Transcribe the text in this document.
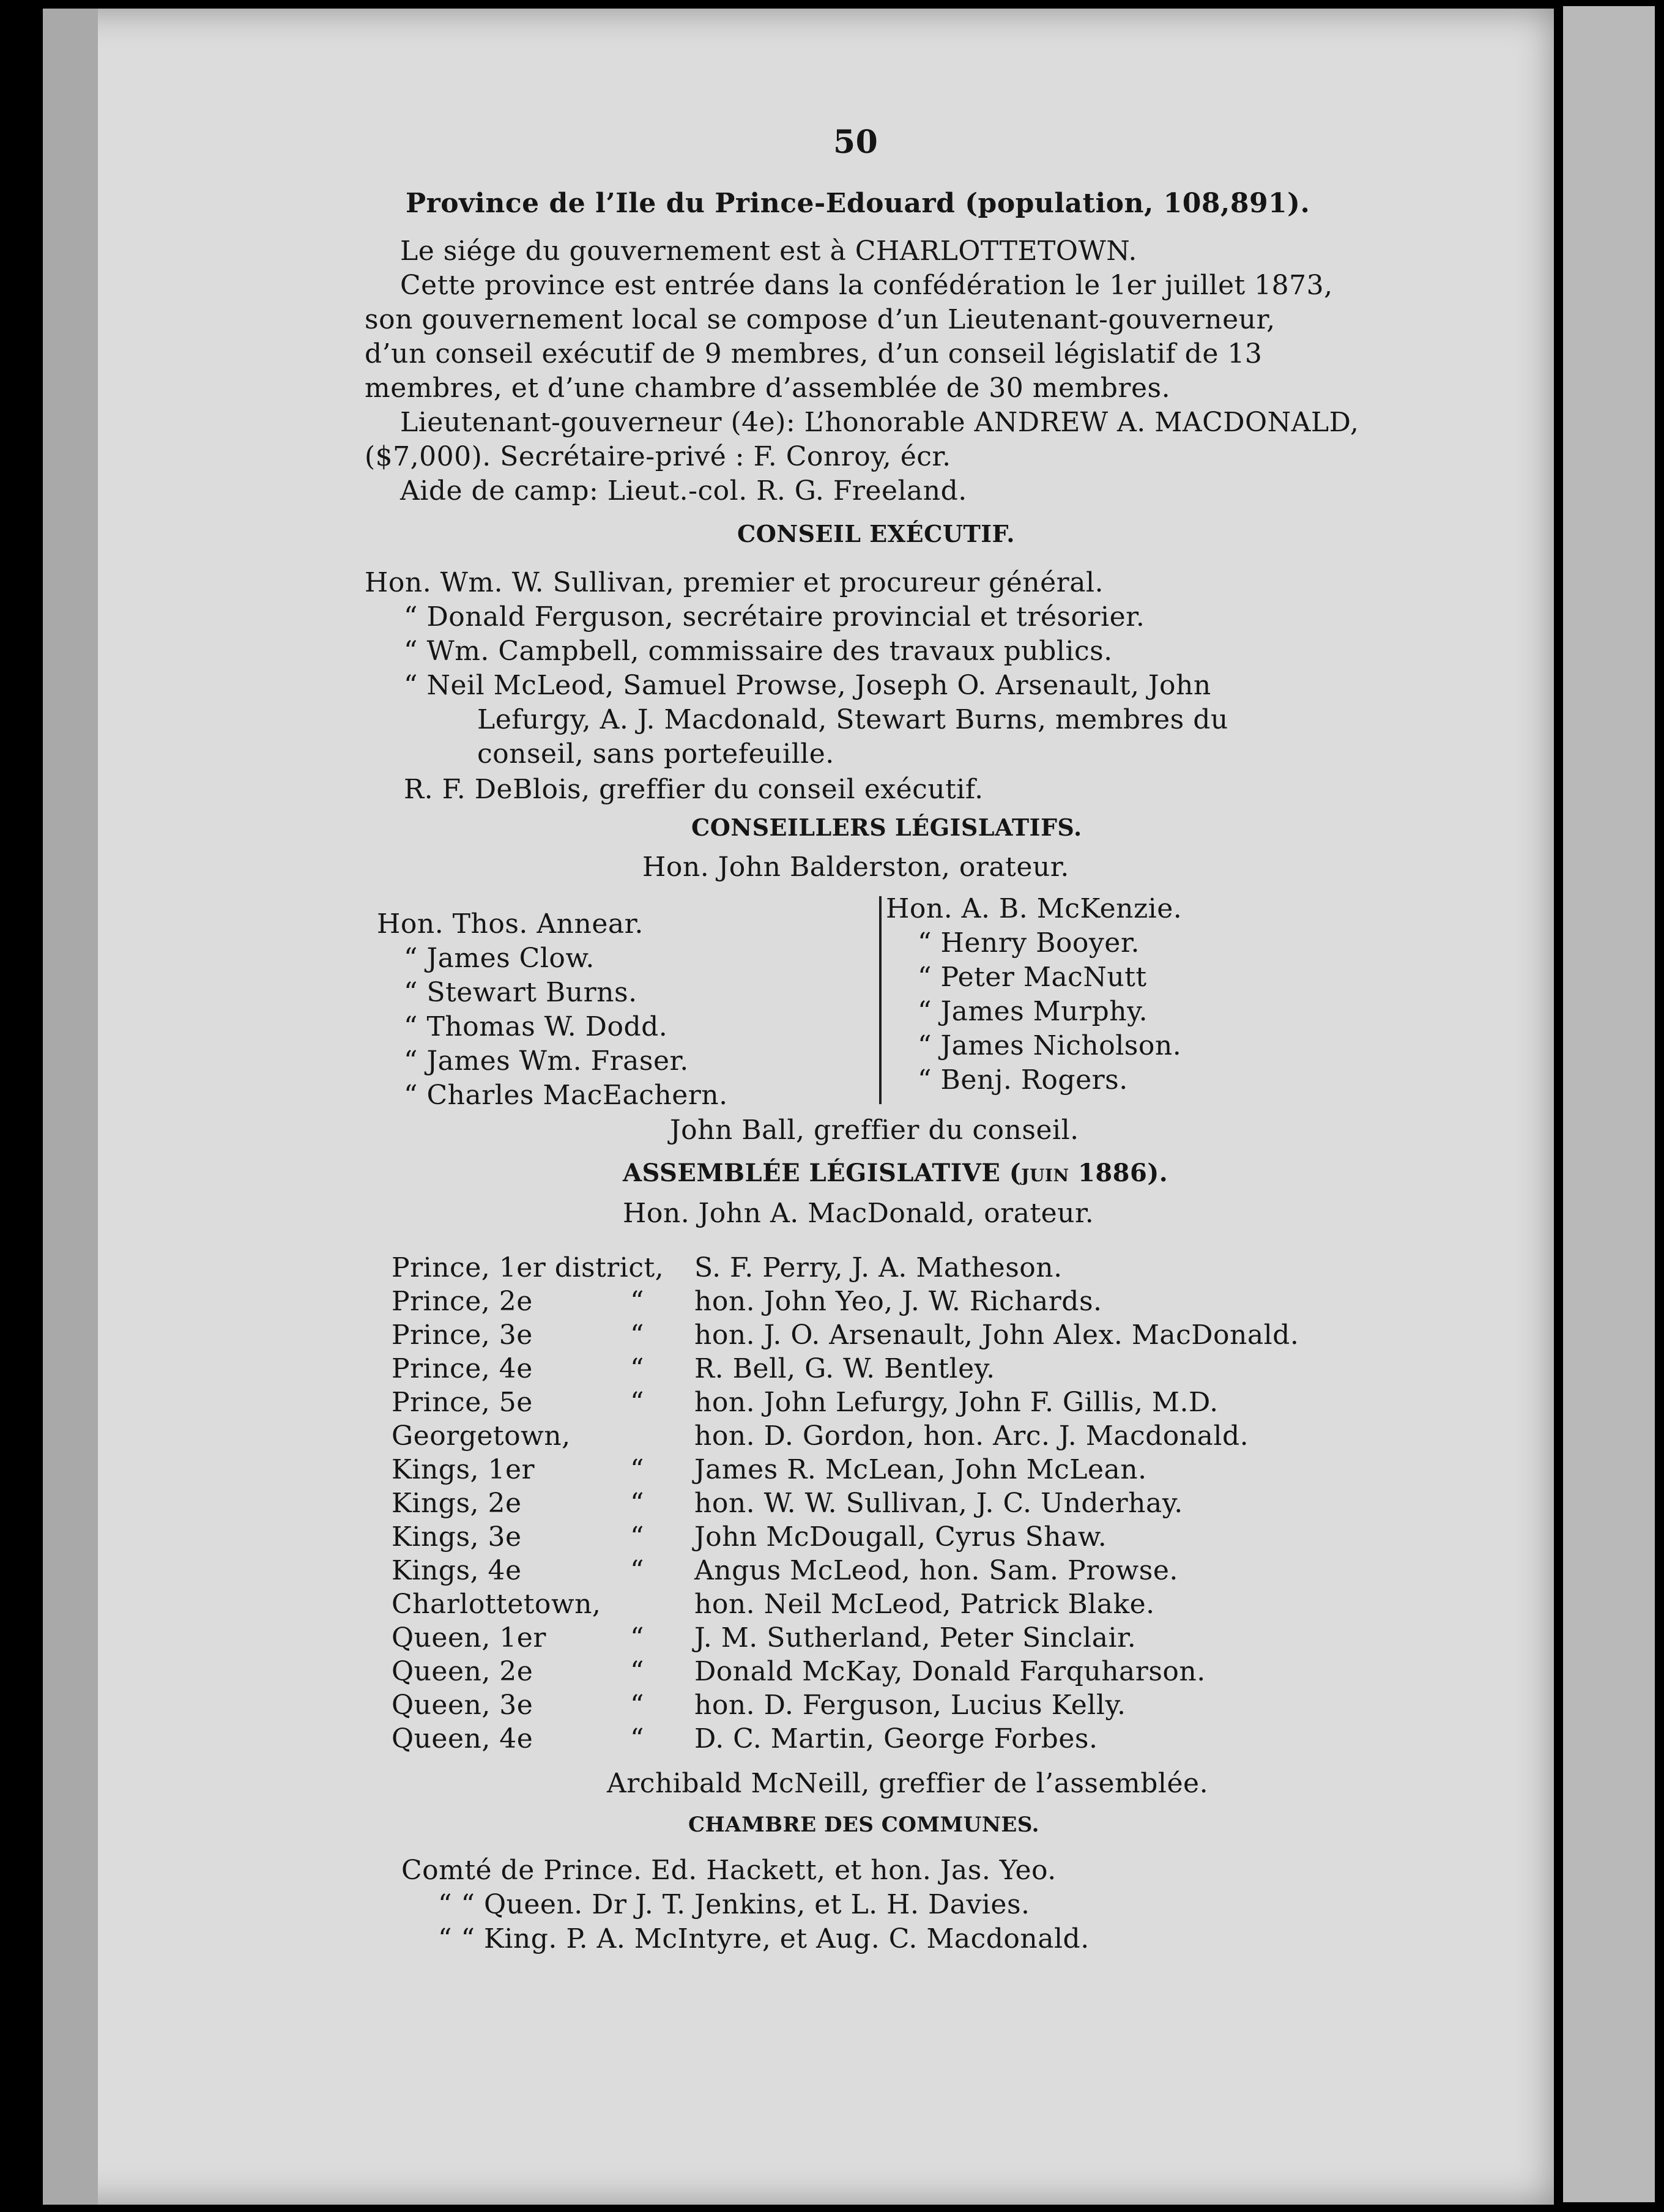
50
Province de l’Ile du Prince-Edouard (population, 108,891).
Le siége du gouvernement est à CHARLOTTETOWN.
Cette province est entrée dans la confédération le 1er juillet 1873,
son gouvernement local se compose d’un Lieutenant-gouverneur,
d’un conseil exécutif de 9 membres, d’un conseil législatif de 13
membres, et d’une chambre d’assemblée de 30 membres.
Lieutenant-gouverneur (4e): L’honorable ANDREW A. MACDONALD,
($7,000). Secrétaire-privé : F. Conroy, écr.
Aide de camp: Lieut.-col. R. G. Freeland.
CONSEIL EXÉCUTIF.
Hon. Wm. W. Sullivan, premier et procureur général.
“ Donald Ferguson, secrétaire provincial et trésorier.
“ Wm. Campbell, commissaire des travaux publics.
“ Neil McLeod, Samuel Prowse, Joseph O. Arsenault, John
Lefurgy, A. J. Macdonald, Stewart Burns, membres du
conseil, sans portefeuille.
R. F. DeBlois, greffier du conseil exécutif.
CONSEILLERS LÉGISLATIFS.
Hon. John Balderston, orateur.
Hon. Thos. Annear.
“ James Clow.
“ Stewart Burns.
“ Thomas W. Dodd.
“ James Wm. Fraser.
“ Charles MacEachern.
Hon. A. B. McKenzie.
“ Henry Booyer.
“ Peter MacNutt
“ James Murphy.
“ James Nicholson.
“ Benj. Rogers.
John Ball, greffier du conseil.
ASSEMBLÉE LÉGISLATIVE (juin 1886).
Hon. John A. MacDonald, orateur.
Prince, 1er district, S. F. Perry, J. A. Matheson.
Prince, 2e	“ hon. John Yeo, J. W. Richards.
Prince, 3e	“ hon. J. O. Arsenault, John Alex. MacDonald.
Prince, 4e	“ R. Bell, G. W. Bentley.
Prince, 5e	“ hon. John Lefurgy, John F. Gillis, M.D.
Georgetown,	hon. D. Gordon, hon. Arc. J. Macdonald.
Kings, 1er	“ James R. McLean, John McLean.
Kings, 2e	“ hon. W. W. Sullivan, J. C. Underhay.
Kings, 3e	“ John McDougall, Cyrus Shaw.
Kings, 4e	“ Angus McLeod, hon. Sam. Prowse.
Charlottetown,	hon. Neil McLeod, Patrick Blake.
Queen, 1er	“ J. M. Sutherland, Peter Sinclair.
Queen, 2e	“ Donald McKay, Donald Farquharson.
Queen, 3e	“ hon. D. Ferguson, Lucius Kelly.
Queen, 4e	“ D. C. Martin, George Forbes.
Archibald McNeill, greffier de l’assemblée.
CHAMBRE DES COMMUNES.
Comté de Prince. Ed. Hackett, et hon. Jas. Yeo.
“ “ Queen. Dr J. T. Jenkins, et L. H. Davies.
“ “ King. P. A. McIntyre, et Aug. C. Macdonald.
